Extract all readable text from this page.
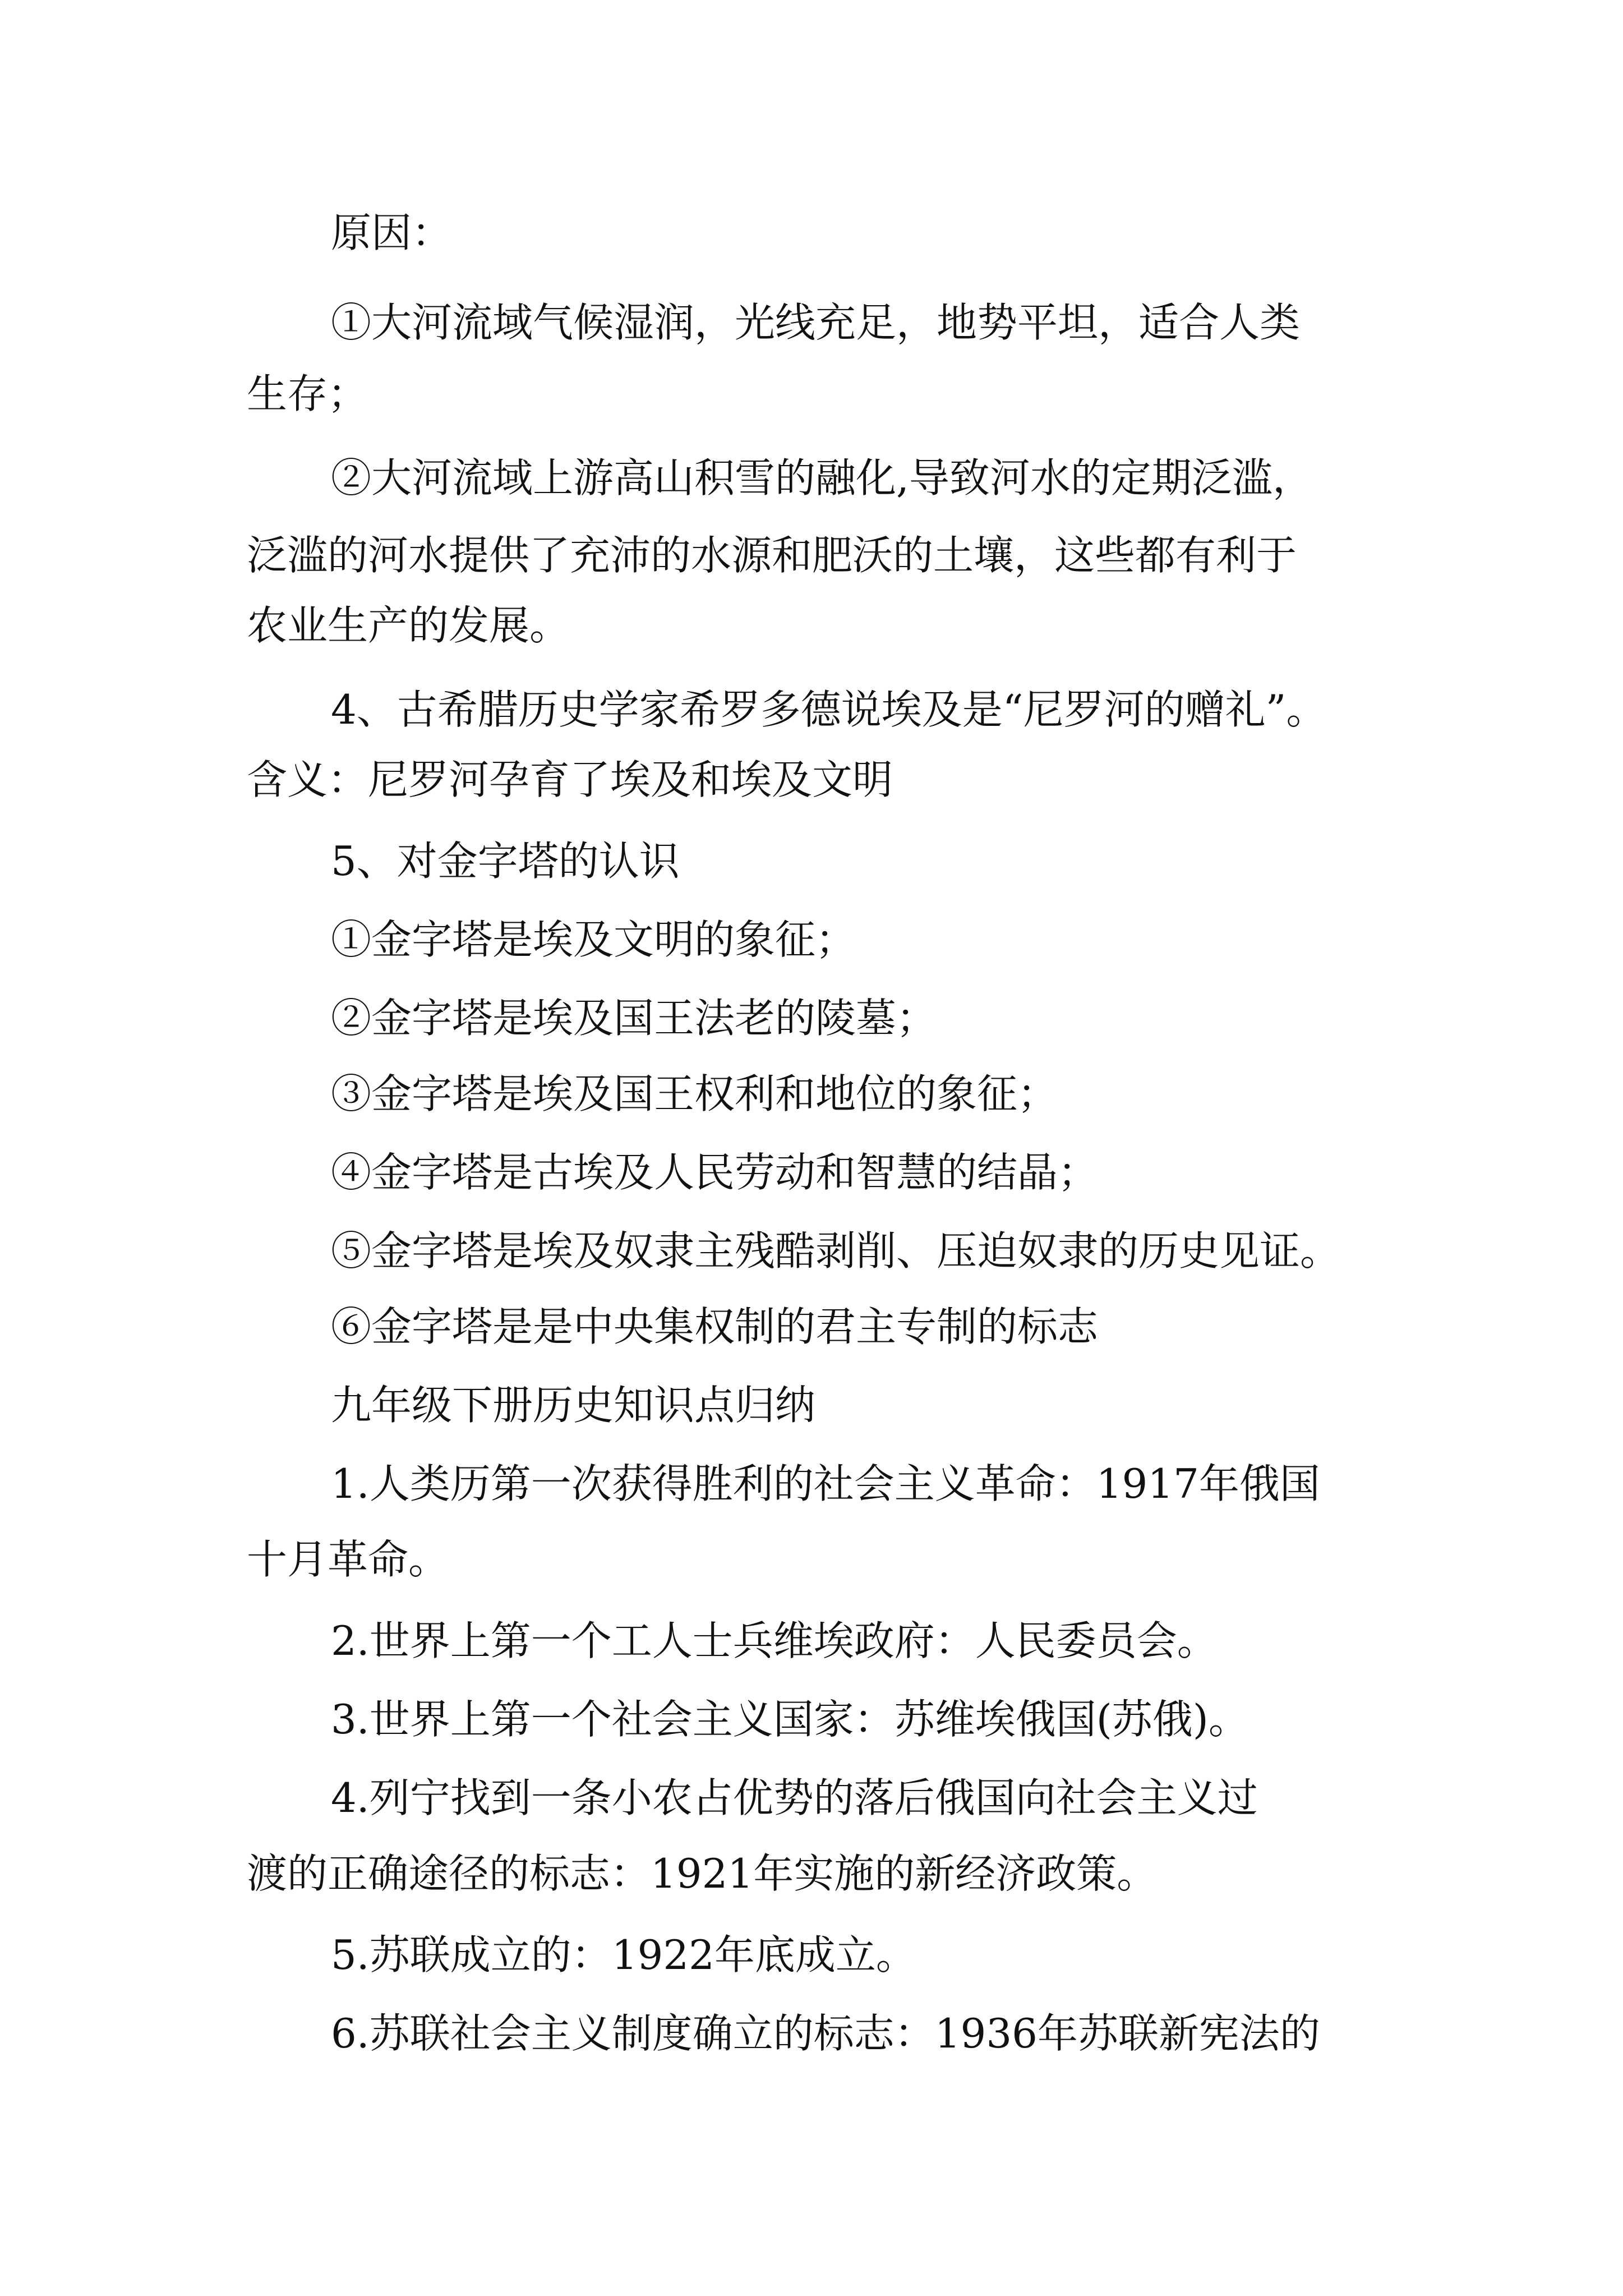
原因：
①大河流域气候湿润，光线充足，地势平坦，适合人类
生存；
②大河流域上游高山积雪的融化,导致河水的定期泛滥，
泛滥的河水提供了充沛的水源和肥沃的土壤，这些都有利于
农业生产的发展。
4、古希腊历史学家希罗多德说埃及是“尼罗河的赠礼”。
含义：尼罗河孕育了埃及和埃及文明
5、对金字塔的认识
①金字塔是埃及文明的象征；
②金字塔是埃及国王法老的陵墓；
③金字塔是埃及国王权利和地位的象征；
④金字塔是古埃及人民劳动和智慧的结晶；
⑤金字塔是埃及奴隶主残酷剥削、压迫奴隶的历史见证。
⑥金字塔是是中央集权制的君主专制的标志
九年级下册历史知识点归纳
1.人类历第一次获得胜利的社会主义革命：1917年俄国
十月革命。
2.世界上第一个工人士兵维埃政府：人民委员会。
3.世界上第一个社会主义国家：苏维埃俄国(苏俄)。
4.列宁找到一条小农占优势的落后俄国向社会主义过
渡的正确途径的标志：1921年实施的新经济政策。
5.苏联成立的：1922年底成立。
6.苏联社会主义制度确立的标志：1936年苏联新宪法的
